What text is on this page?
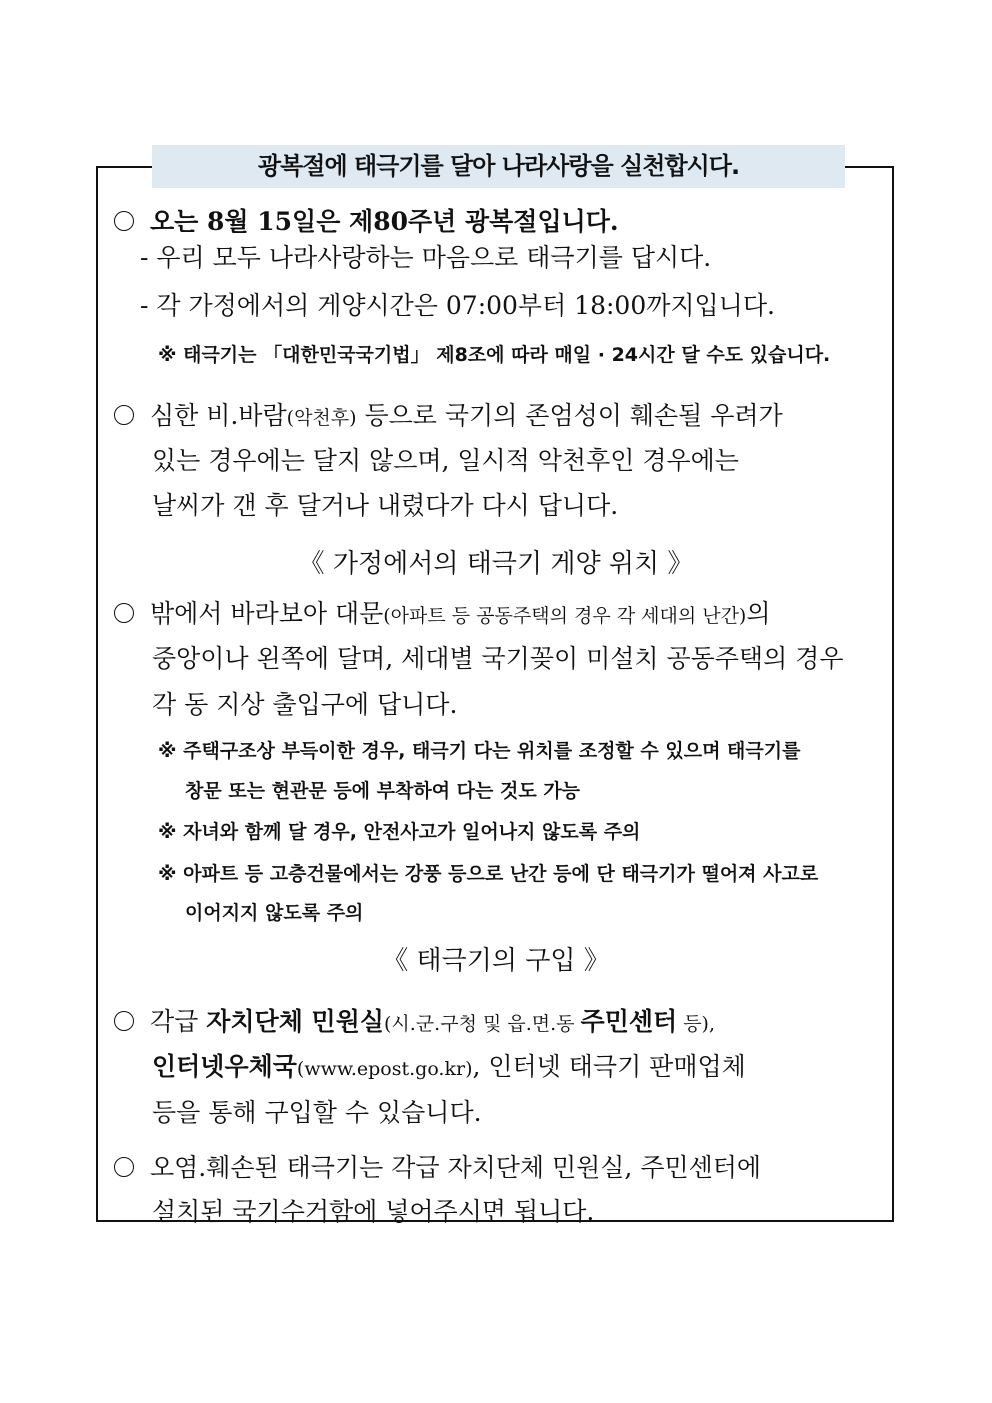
광복절에 태극기를 달아 나라사랑을 실천합시다.
오는 8월 15일은 제80주년 광복절입니다.
- 우리 모두 나라사랑하는 마음으로 태극기를 답시다.
- 각 가정에서의 게양시간은 07:00부터 18:00까지입니다.
※ 태극기는 「대한민국국기법」 제8조에 따라 매일 · 24시간 달 수도 있습니다.
심한 비.바람(악천후) 등으로 국기의 존엄성이 훼손될 우려가
있는 경우에는 달지 않으며, 일시적 악천후인 경우에는
날씨가 갠 후 달거나 내렸다가 다시 답니다.
《 가정에서의 태극기 게양 위치 》
밖에서 바라보아 대문(아파트 등 공동주택의 경우 각 세대의 난간)의
중앙이나 왼쪽에 달며, 세대별 국기꽂이 미설치 공동주택의 경우
각 동 지상 출입구에 답니다.
※ 주택구조상 부득이한 경우, 태극기 다는 위치를 조정할 수 있으며 태극기를
창문 또는 현관문 등에 부착하여 다는 것도 가능
※ 자녀와 함께 달 경우, 안전사고가 일어나지 않도록 주의
※ 아파트 등 고층건물에서는 강풍 등으로 난간 등에 단 태극기가 떨어져 사고로
이어지지 않도록 주의
《 태극기의 구입 》
각급 자치단체 민원실(시.군.구청 및 읍.면.동 주민센터 등),
인터넷우체국(www.epost.go.kr), 인터넷 태극기 판매업체
등을 통해 구입할 수 있습니다.
오염.훼손된 태극기는 각급 자치단체 민원실, 주민센터에
설치된 국기수거함에 넣어주시면 됩니다.
